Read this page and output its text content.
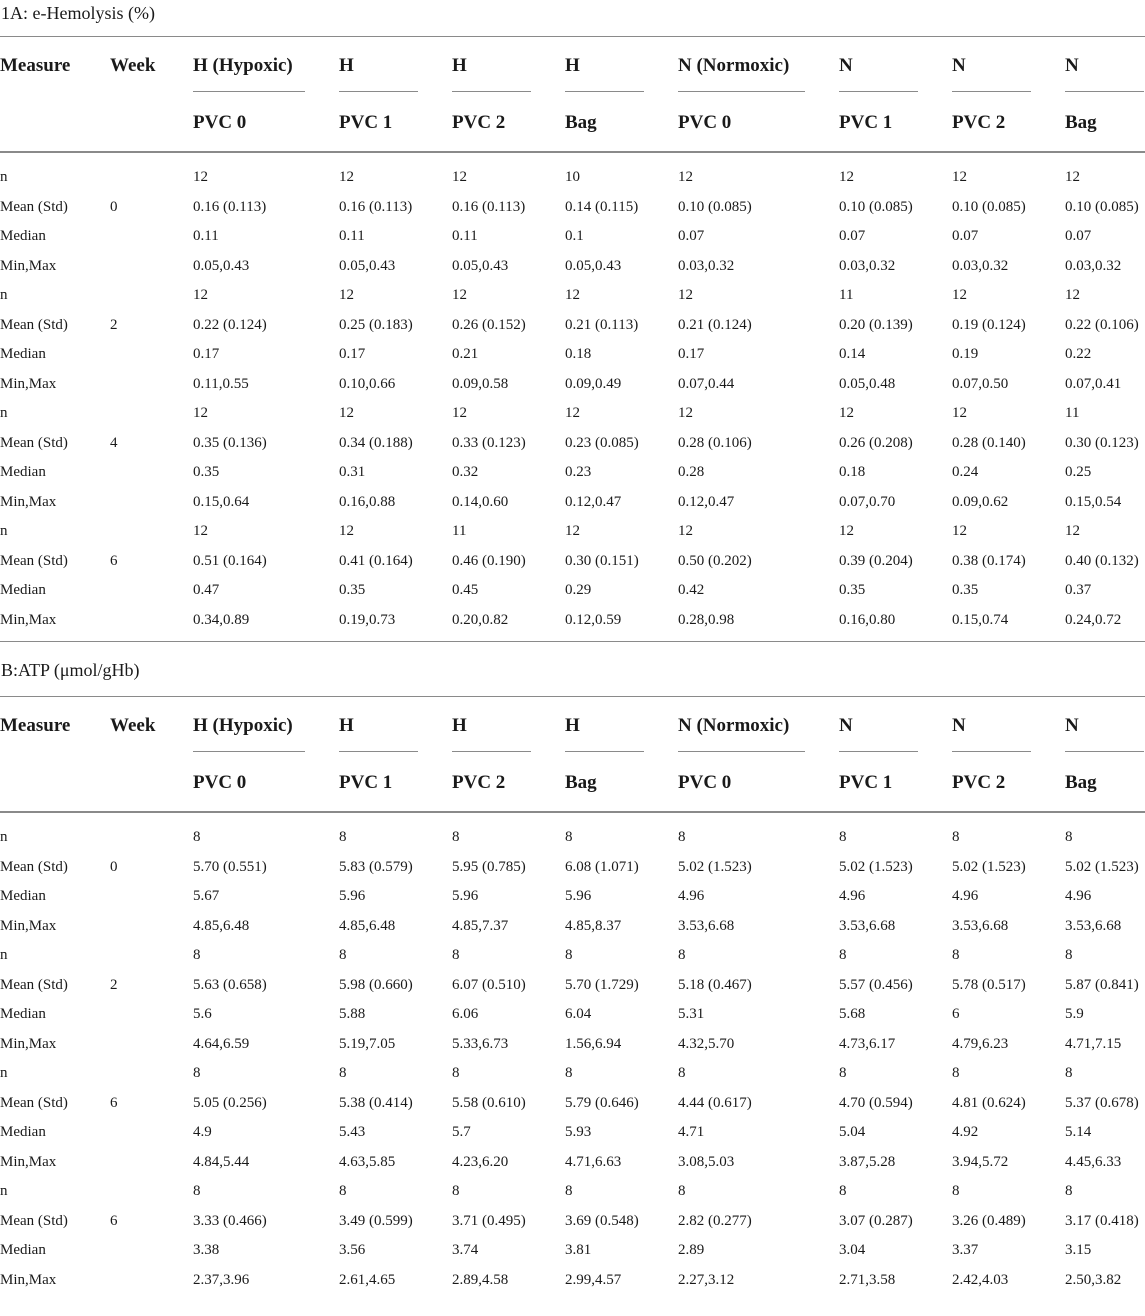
1A: e-Hemolysis (%)
Measure	Week	H (Hypoxic)	H	H	H	N (Normoxic)	N	N	N
		PVC 0	PVC 1	PVC 2	Bag	PVC 0	PVC 1	PVC 2	Bag
n		12	12	12	10	12	12	12	12
Mean (Std)	0	0.16 (0.113)	0.16 (0.113)	0.16 (0.113)	0.14 (0.115)	0.10 (0.085)	0.10 (0.085)	0.10 (0.085)	0.10 (0.085)
Median		0.11	0.11	0.11	0.1	0.07	0.07	0.07	0.07
Min,Max		0.05,0.43	0.05,0.43	0.05,0.43	0.05,0.43	0.03,0.32	0.03,0.32	0.03,0.32	0.03,0.32
n		12	12	12	12	12	11	12	12
Mean (Std)	2	0.22 (0.124)	0.25 (0.183)	0.26 (0.152)	0.21 (0.113)	0.21 (0.124)	0.20 (0.139)	0.19 (0.124)	0.22 (0.106)
Median		0.17	0.17	0.21	0.18	0.17	0.14	0.19	0.22
Min,Max		0.11,0.55	0.10,0.66	0.09,0.58	0.09,0.49	0.07,0.44	0.05,0.48	0.07,0.50	0.07,0.41
n		12	12	12	12	12	12	12	11
Mean (Std)	4	0.35 (0.136)	0.34 (0.188)	0.33 (0.123)	0.23 (0.085)	0.28 (0.106)	0.26 (0.208)	0.28 (0.140)	0.30 (0.123)
Median		0.35	0.31	0.32	0.23	0.28	0.18	0.24	0.25
Min,Max		0.15,0.64	0.16,0.88	0.14,0.60	0.12,0.47	0.12,0.47	0.07,0.70	0.09,0.62	0.15,0.54
n		12	12	11	12	12	12	12	12
Mean (Std)	6	0.51 (0.164)	0.41 (0.164)	0.46 (0.190)	0.30 (0.151)	0.50 (0.202)	0.39 (0.204)	0.38 (0.174)	0.40 (0.132)
Median		0.47	0.35	0.45	0.29	0.42	0.35	0.35	0.37
Min,Max		0.34,0.89	0.19,0.73	0.20,0.82	0.12,0.59	0.28,0.98	0.16,0.80	0.15,0.74	0.24,0.72
B:ATP (μmol/gHb)
Measure	Week	H (Hypoxic)	H	H	H	N (Normoxic)	N	N	N
		PVC 0	PVC 1	PVC 2	Bag	PVC 0	PVC 1	PVC 2	Bag
n		8	8	8	8	8	8	8	8
Mean (Std)	0	5.70 (0.551)	5.83 (0.579)	5.95 (0.785)	6.08 (1.071)	5.02 (1.523)	5.02 (1.523)	5.02 (1.523)	5.02 (1.523)
Median		5.67	5.96	5.96	5.96	4.96	4.96	4.96	4.96
Min,Max		4.85,6.48	4.85,6.48	4.85,7.37	4.85,8.37	3.53,6.68	3.53,6.68	3.53,6.68	3.53,6.68
n		8	8	8	8	8	8	8	8
Mean (Std)	2	5.63 (0.658)	5.98 (0.660)	6.07 (0.510)	5.70 (1.729)	5.18 (0.467)	5.57 (0.456)	5.78 (0.517)	5.87 (0.841)
Median		5.6	5.88	6.06	6.04	5.31	5.68	6	5.9
Min,Max		4.64,6.59	5.19,7.05	5.33,6.73	1.56,6.94	4.32,5.70	4.73,6.17	4.79,6.23	4.71,7.15
n		8	8	8	8	8	8	8	8
Mean (Std)	6	5.05 (0.256)	5.38 (0.414)	5.58 (0.610)	5.79 (0.646)	4.44 (0.617)	4.70 (0.594)	4.81 (0.624)	5.37 (0.678)
Median		4.9	5.43	5.7	5.93	4.71	5.04	4.92	5.14
Min,Max		4.84,5.44	4.63,5.85	4.23,6.20	4.71,6.63	3.08,5.03	3.87,5.28	3.94,5.72	4.45,6.33
n		8	8	8	8	8	8	8	8
Mean (Std)	6	3.33 (0.466)	3.49 (0.599)	3.71 (0.495)	3.69 (0.548)	2.82 (0.277)	3.07 (0.287)	3.26 (0.489)	3.17 (0.418)
Median		3.38	3.56	3.74	3.81	2.89	3.04	3.37	3.15
Min,Max		2.37,3.96	2.61,4.65	2.89,4.58	2.99,4.57	2.27,3.12	2.71,3.58	2.42,4.03	2.50,3.82
